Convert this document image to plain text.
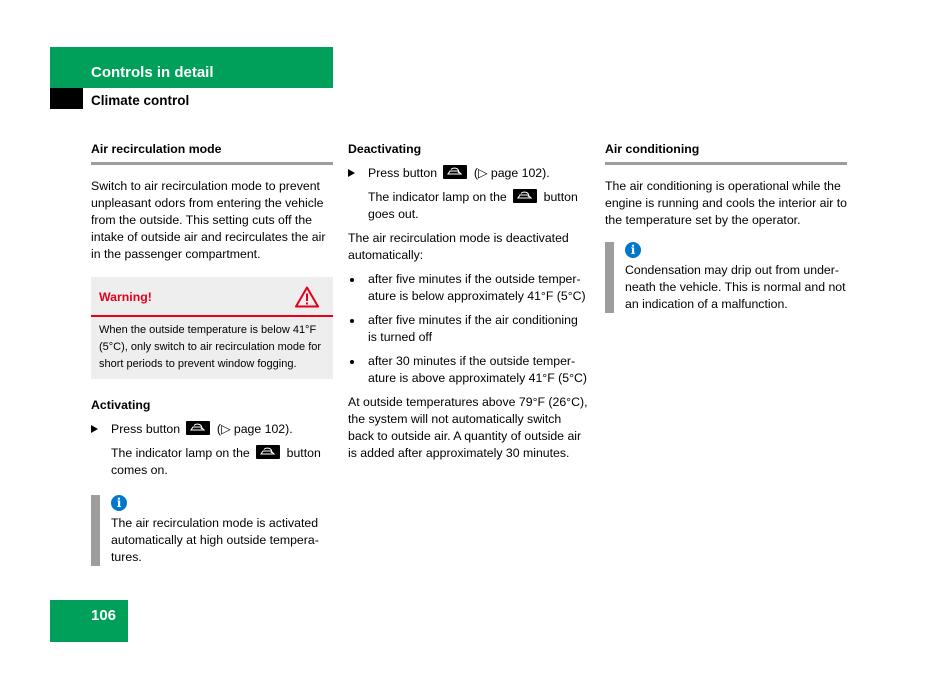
Controls in detail
Climate control
Air recirculation mode

Switch to air recirculation mode to prevent unpleasant odors from entering the vehicle from the outside. This setting cuts off the intake of outside air and recirculates the air in the passenger compartment.

Warning!
When the outside temperature is below 41°F (5°C), only switch to air recirculation mode for short periods to prevent window fogging.
Activating
Press button	(▷ page 102).
The indicator lamp on the	button comes on.
i

The air recirculation mode is activated automatically at high outside tempera-tures.

Deactivating
Press button	(▷ page 102).
The indicator lamp on the	button goes out.

The air recirculation mode is deactivated automatically:

after five minutes if the outside temper-ature is below approximately 41°F (5°C)
after five minutes if the air conditioning is turned off
after 30 minutes if the outside temper-ature is above approximately 41°F (5°C)

At outside temperatures above 79°F (26°C), the system will not automatically switch back to outside air. A quantity of outside air is added after approximately 30 minutes.

Air conditioning

The air conditioning is operational while the engine is running and cools the interior air to the temperature set by the operator.

i

Condensation may drip out from under-neath the vehicle. This is normal and not an indication of a malfunction.

106
